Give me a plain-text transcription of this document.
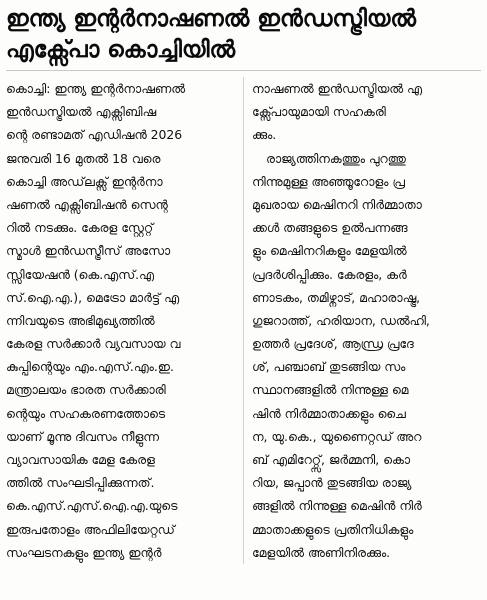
ഇന്ത്യ ഇന്റർനാഷണൽ ഇൻഡസ്ട്രിയൽ
എക്സ്പോ കൊച്ചിയിൽ
കൊച്ചി: ഇന്ത്യ ഇന്റർനാഷണൽ
ഇൻഡസ്ട്രിയൽ എക്സിബിഷ
ന്റെ രണ്ടാമത് എഡിഷൻ 2026
ജനുവരി 16 മുതൽ 18 വരെ
കൊച്ചി അഡ്‌ലക്സ് ഇന്റർനാ
ഷണൽ എക്സിബിഷൻ സെന്റ
റിൽ നടക്കും. കേരള സ്റ്റേറ്റ്
സ്മാൾ ഇൻഡസ്ട്രീസ് അസോ
സ്സിയേഷൻ (കെ.എസ്.എ
സ്.ഐ.എ.), മെട്രോ മാർട്ട് എ
ന്നിവയുടെ അഭിമുഖ്യത്തിൽ
കേരള സർക്കാർ വ്യവസായ വ
കുപ്പിന്റെയും എം.എസ്.എം.ഇ.
മന്ത്രാലയം ഭാരത സർക്കാരി
ന്റെയും സഹകരണത്തോടെ
യാണ് മൂന്നു ദിവസം നീളുന്ന
വ്യാവസായിക മേള കേരള
ത്തിൽ സംഘടിപ്പിക്കുന്നത്.
കെ.എസ്.എസ്.ഐ.എ.യുടെ
ഇരുപതോളം അഫിലിയേറ്റഡ്
സംഘടനകളും ഇന്ത്യ ഇന്റർ
നാഷണൽ ഇൻഡസ്ട്രിയൽ എ
ക്സ്പോയുമായി സഹകരി
ക്കും.
രാജ്യത്തിനകത്തും പുറത്തു
നിന്നുമുള്ള അഞ്ഞൂറോളം പ്ര
മുഖരായ മെഷിനറി നിർമ്മാതാ
ക്കൾ തങ്ങളുടെ ഉൽപന്നങ്ങ
ളും മെഷിനറികളും മേളയിൽ
പ്രദർശിപ്പിക്കും. കേരളം, കർ
ണാടകം, തമിഴ്നാട്, മഹാരാഷ്ട്ര,
ഗുജറാത്ത്, ഹരിയാന, ഡൽഹി,
ഉത്തർ പ്രദേശ്, ആന്ധ്ര പ്രദേ
ശ്, പഞ്ചാബ് തുടങ്ങിയ സം
സ്ഥാനങ്ങളിൽ നിന്നുള്ള മെ
ഷിൻ നിർമ്മാതാക്കളും ചൈ
ന, യു.കെ., യുണൈറ്റഡ് അറ
ബ് എമിറേറ്റ്സ്, ജർമ്മനി, കൊ
റിയ, ജപ്പാൻ തുടങ്ങിയ രാജ്യ
ങ്ങളിൽ നിന്നുള്ള മെഷിൻ നിർ
മ്മാതാക്കളുടെ പ്രതിനിധികളും
മേളയിൽ അണിനിരക്കും.
